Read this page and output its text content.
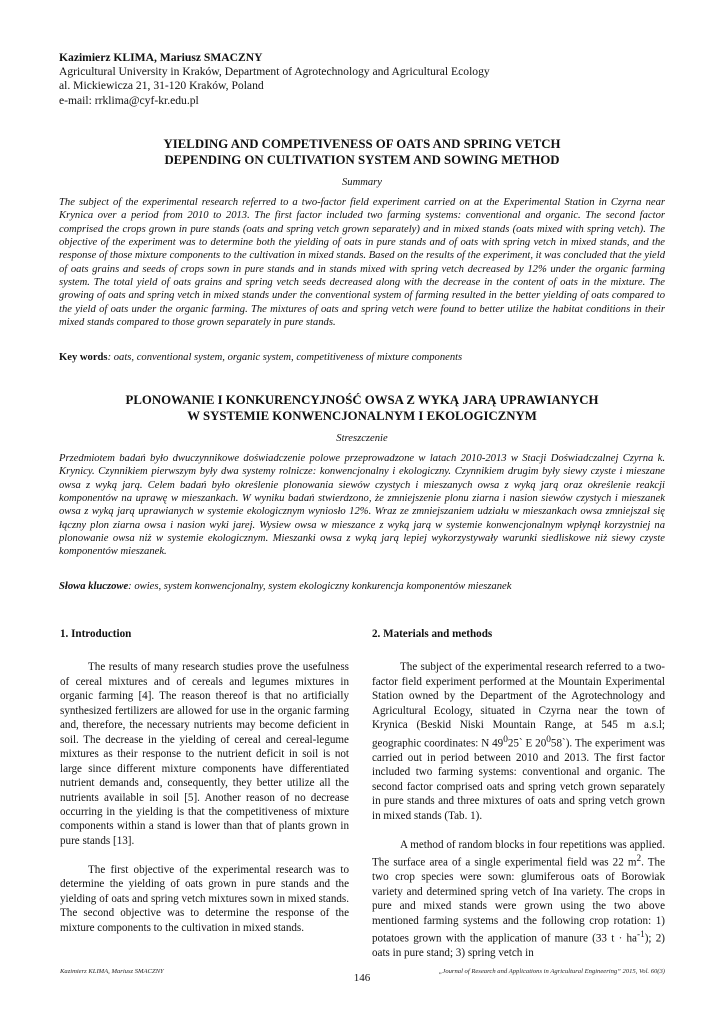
Kazimierz KLIMA, Mariusz SMACZNY
Agricultural University in Kraków, Department of Agrotechnology and Agricultural Ecology
al. Mickiewicza 21, 31-120 Kraków, Poland
e-mail: rrklima@cyf-kr.edu.pl
YIELDING AND COMPETIVENESS OF OATS AND SPRING VETCH
DEPENDING ON CULTIVATION SYSTEM AND SOWING METHOD
Summary
The subject of the experimental research referred to a two-factor field experiment carried on at the Experimental Station in Czyrna near Krynica over a period from 2010 to 2013. The first factor included two farming systems: conventional and organic. The second factor comprised the crops grown in pure stands (oats and spring vetch grown separately) and in mixed stands (oats mixed with spring vetch). The objective of the experiment was to determine both the yielding of oats in pure stands and of oats with spring vetch in mixed stands, and the response of those mixture components to the cultivation in mixed stands. Based on the results of the experiment, it was concluded that the yield of oats grains and seeds of crops sown in pure stands and in stands mixed with spring vetch decreased by 12% under the organic farming system. The total yield of oats grains and spring vetch seeds decreased along with the decrease in the content of oats in the mixture. The growing of oats and spring vetch in mixed stands under the conventional system of farming resulted in the better yielding of oats compared to the yield of oats under the organic farming. The mixtures of oats and spring vetch were found to better utilize the habitat conditions in their mixed stands compared to those grown separately in pure stands.
Key words: oats, conventional system, organic system, competitiveness of mixture components
PLONOWANIE I KONKURENCYJNOŚĆ OWSA Z WYKĄ JARĄ UPRAWIANYCH
W SYSTEMIE KONWENCJONALNYM I EKOLOGICZNYM
Streszczenie
Przedmiotem badań było dwuczynnikowe doświadczenie polowe przeprowadzone w latach 2010-2013 w Stacji Doświadczalnej Czyrna k. Krynicy. Czynnikiem pierwszym były dwa systemy rolnicze: konwencjonalny i ekologiczny. Czynnikiem drugim były siewy czyste i mieszane owsa z wyką jarą. Celem badań było określenie plonowania siewów czystych i mieszanych owsa z wyką jarą oraz określenie reakcji komponentów na uprawę w mieszankach. W wyniku badań stwierdzono, że zmniejszenie plonu ziarna i nasion siewów czystych i mieszanek owsa z wyką jarą uprawianych w systemie ekologicznym wyniosło 12%. Wraz ze zmniejszaniem udziału w mieszankach owsa zmniejszał się łączny plon ziarna owsa i nasion wyki jarej. Wysiew owsa w mieszance z wyką jarą w systemie konwencjonalnym wpłynął korzystniej na plonowanie owsa niż w systemie ekologicznym. Mieszanki owsa z wyką jarą lepiej wykorzystywały warunki siedliskowe niż siewy czyste komponentów mieszanek.
Słowa kluczowe: owies, system konwencjonalny, system ekologiczny konkurencja komponentów mieszanek
1. Introduction

The results of many research studies prove the usefulness of cereal mixtures and of cereals and legumes mixtures in organic farming [4]. The reason thereof is that no artificially synthesized fertilizers are allowed for use in the organic farming and, therefore, the necessary nutrients may become deficient in soil. The decrease in the yielding of cereal and cereal-legume mixtures as their response to the nutrient deficit in soil is not large since different mixture components have differentiated nutrient demands and, consequently, they better utilize all the nutrients available in soil [5]. Another reason of no decrease occurring in the yielding is that the competitiveness of mixture components within a stand is lower than that of plants grown in pure stands [13].

The first objective of the experimental research was to determine the yielding of oats grown in pure stands and the yielding of oats and spring vetch mixtures sown in mixed stands. The second objective was to determine the response of the mixture components to the cultivation in mixed stands.

2. Materials and methods

The subject of the experimental research referred to a two-factor field experiment performed at the Mountain Experimental Station owned by the Department of the Agrotechnology and Agricultural Ecology, situated in Czyrna near the town of Krynica (Beskid Niski Mountain Range, at 545 m a.s.l; geographic coordinates: N $49^025`$ E $20^058`$). The experiment was carried out in period between 2010 and 2013. The first factor included two farming systems: conventional and organic. The second factor comprised oats and spring vetch grown separately in pure stands and three mixtures of oats and spring vetch grown in mixed stands (Tab. 1).

A method of random blocks in four repetitions was applied. The surface area of a single experimental field was 22 $m^2$. The two crop species were sown: glumiferous oats of Borowiak variety and determined spring vetch of Ina variety. The crops in pure and mixed stands were grown using the two above mentioned farming systems and the following crop rotation: 1) potatoes grown with the application of manure (33 $t \cdot ha^{-1}$); 2) oats in pure stand; 3) spring vetch in

Kazimierz KLIMA, Mariusz SMACZNY
146
„Journal of Research and Applications in Agricultural Engineering” 2015, Vol. 60(3)
